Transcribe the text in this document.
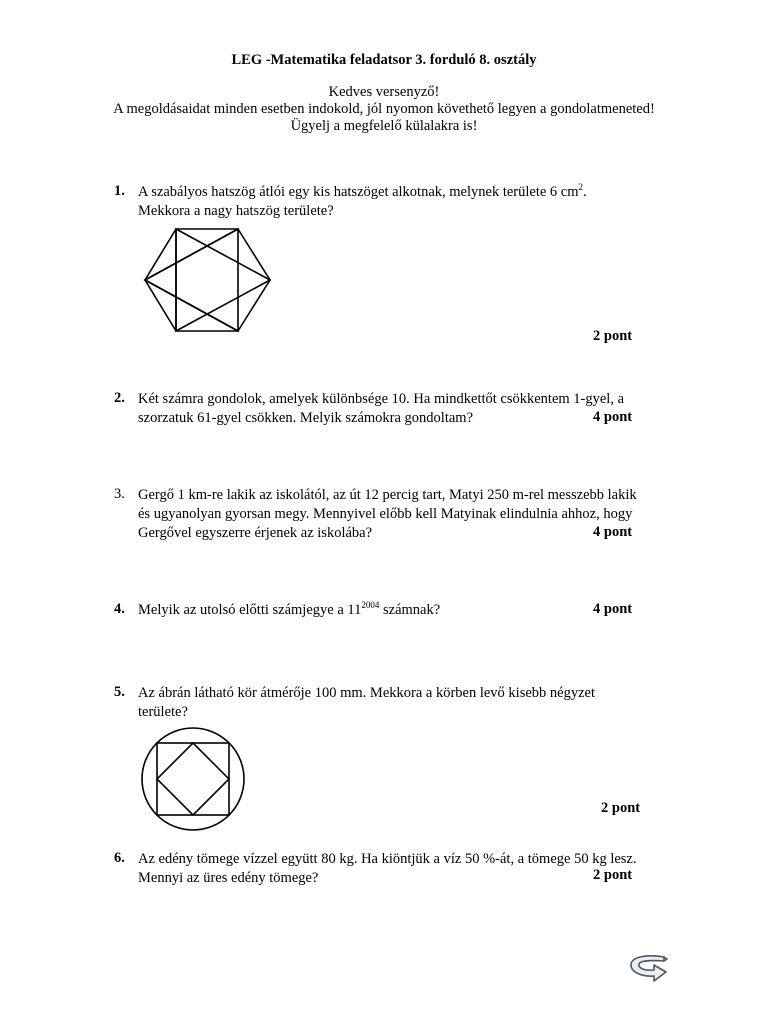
LEG -Matematika feladatsor 3. forduló 8. osztály
Kedves versenyző!
A megoldásaidat minden esetben indokold, jól nyomon követhető legyen a gondolatmeneted!
Ügyelj a megfelelő külalakra is!
1. A szabályos hatszög átlói egy kis hatszöget alkotnak, melynek területe 6 $cm^2$.
Mekkora a nagy hatszög területe?
2 pont
2. Két számra gondolok, amelyek különbsége 10. Ha mindkettőt csökkentem 1-gyel, a
szorzatuk 61-gyel csökken. Melyik számokra gondoltam?	4 pont
3. Gergő 1 km-re lakik az iskolától, az út 12 percig tart, Matyi 250 m-rel messzebb lakik
és ugyanolyan gyorsan megy. Mennyivel előbb kell Matyinak elindulnia ahhoz, hogy
Gergővel egyszerre érjenek az iskolába?	4 pont
4. Melyik az utolsó előtti számjegye a $11^{2004}$ számnak?	4 pont
5. Az ábrán látható kör átmérője 100 mm. Mekkora a körben levő kisebb négyzet
területe?
2 pont
6. Az edény tömege vízzel együtt 80 kg. Ha kiöntjük a víz 50 %-át, a tömege 50 kg lesz.
Mennyi az üres edény tömege?	2 pont
